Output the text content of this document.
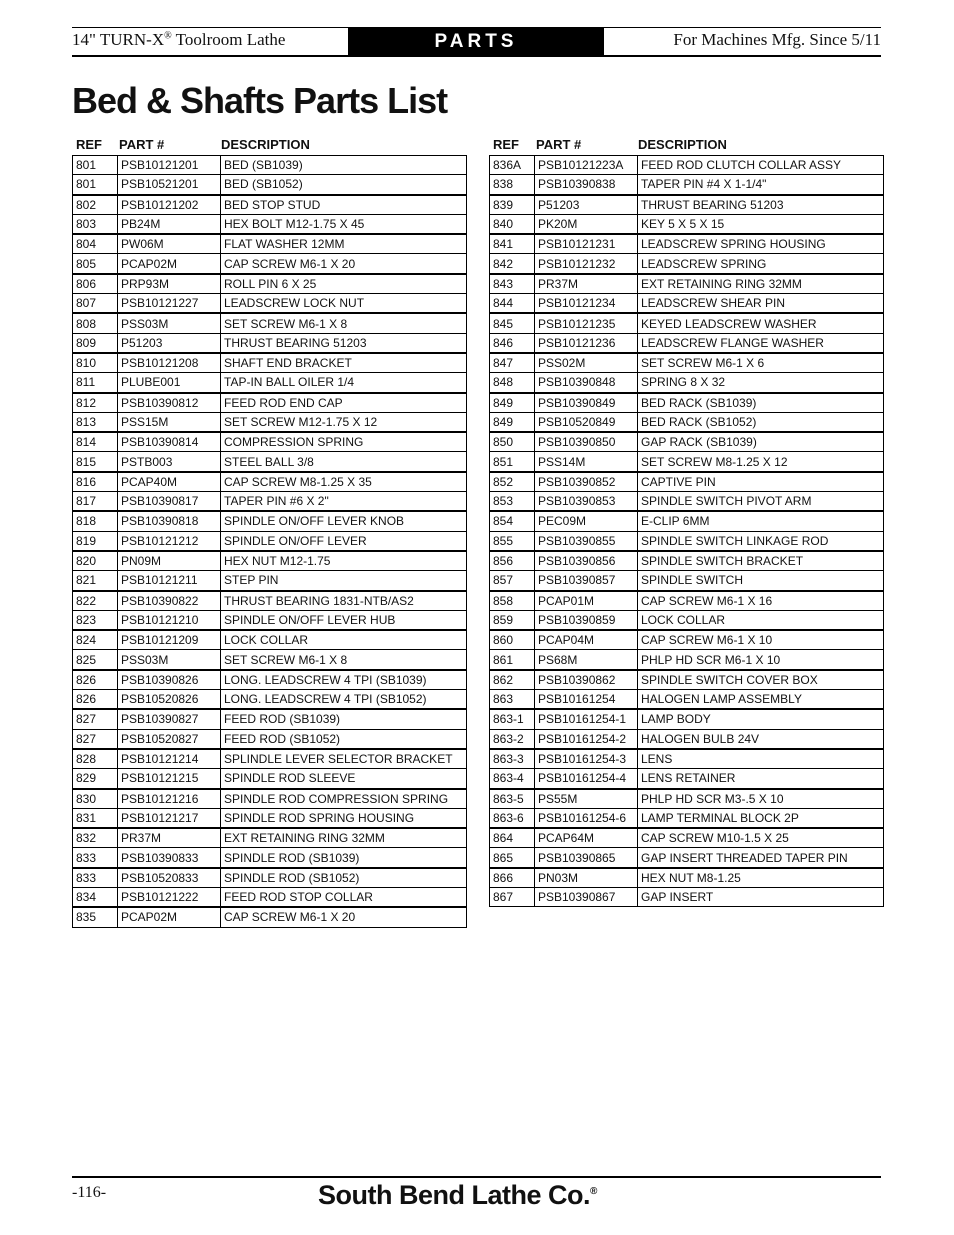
14" TURN-X® Toolroom Lathe	PARTS	For Machines Mfg. Since 5/11
Bed & Shafts Parts List
REF PART #	DESCRIPTION
801	PSB10121201	BED (SB1039)
801	PSB10521201	BED (SB1052)
802	PSB10121202	BED STOP STUD
803	PB24M	HEX BOLT M12-1.75 X 45
804	PW06M	FLAT WASHER 12MM
805	PCAP02M	CAP SCREW M6-1 X 20
806	PRP93M	ROLL PIN 6 X 25
807	PSB10121227	LEADSCREW LOCK NUT
808	PSS03M	SET SCREW M6-1 X 8
809	P51203	THRUST BEARING 51203
810	PSB10121208	SHAFT END BRACKET
811	PLUBE001	TAP-IN BALL OILER 1/4
812	PSB10390812	FEED ROD END CAP
813	PSS15M	SET SCREW M12-1.75 X 12
814	PSB10390814	COMPRESSION SPRING
815	PSTB003	STEEL BALL 3/8
816	PCAP40M	CAP SCREW M8-1.25 X 35
817	PSB10390817	TAPER PIN #6 X 2"
818	PSB10390818	SPINDLE ON/OFF LEVER KNOB
819	PSB10121212	SPINDLE ON/OFF LEVER
820	PN09M	HEX NUT M12-1.75
821	PSB10121211	STEP PIN
822	PSB10390822	THRUST BEARING 1831-NTB/AS2
823	PSB10121210	SPINDLE ON/OFF LEVER HUB
824	PSB10121209	LOCK COLLAR
825	PSS03M	SET SCREW M6-1 X 8
826	PSB10390826	LONG. LEADSCREW 4 TPI (SB1039)
826	PSB10520826	LONG. LEADSCREW 4 TPI (SB1052)
827	PSB10390827	FEED ROD (SB1039)
827	PSB10520827	FEED ROD (SB1052)
828	PSB10121214	SPLINDLE LEVER SELECTOR BRACKET
829	PSB10121215	SPINDLE ROD SLEEVE
830	PSB10121216	SPINDLE ROD COMPRESSION SPRING
831	PSB10121217	SPINDLE ROD SPRING HOUSING
832	PR37M	EXT RETAINING RING 32MM
833	PSB10390833	SPINDLE ROD (SB1039)
833	PSB10520833	SPINDLE ROD (SB1052)
834	PSB10121222	FEED ROD STOP COLLAR
835	PCAP02M	CAP SCREW M6-1 X 20
REF PART #	DESCRIPTION
836A	PSB10121223A	FEED ROD CLUTCH COLLAR ASSY
838	PSB10390838	TAPER PIN #4 X 1-1/4"
839	P51203	THRUST BEARING 51203
840	PK20M	KEY 5 X 5 X 15
841	PSB10121231	LEADSCREW SPRING HOUSING
842	PSB10121232	LEADSCREW SPRING
843	PR37M	EXT RETAINING RING 32MM
844	PSB10121234	LEADSCREW SHEAR PIN
845	PSB10121235	KEYED LEADSCREW WASHER
846	PSB10121236	LEADSCREW FLANGE WASHER
847	PSS02M	SET SCREW M6-1 X 6
848	PSB10390848	SPRING 8 X 32
849	PSB10390849	BED RACK (SB1039)
849	PSB10520849	BED RACK (SB1052)
850	PSB10390850	GAP RACK (SB1039)
851	PSS14M	SET SCREW M8-1.25 X 12
852	PSB10390852	CAPTIVE PIN
853	PSB10390853	SPINDLE SWITCH PIVOT ARM
854	PEC09M	E-CLIP 6MM
855	PSB10390855	SPINDLE SWITCH LINKAGE ROD
856	PSB10390856	SPINDLE SWITCH BRACKET
857	PSB10390857	SPINDLE SWITCH
858	PCAP01M	CAP SCREW M6-1 X 16
859	PSB10390859	LOCK COLLAR
860	PCAP04M	CAP SCREW M6-1 X 10
861	PS68M	PHLP HD SCR M6-1 X 10
862	PSB10390862	SPINDLE SWITCH COVER BOX
863	PSB10161254	HALOGEN LAMP ASSEMBLY
863-1	PSB10161254-1	LAMP BODY
863-2	PSB10161254-2	HALOGEN BULB 24V
863-3	PSB10161254-3	LENS
863-4	PSB10161254-4	LENS RETAINER
863-5	PS55M	PHLP HD SCR M3-.5 X 10
863-6	PSB10161254-6	LAMP TERMINAL BLOCK 2P
864	PCAP64M	CAP SCREW M10-1.5 X 25
865	PSB10390865	GAP INSERT THREADED TAPER PIN
866	PN03M	HEX NUT M8-1.25
867	PSB10390867	GAP INSERT
-116-	South Bend Lathe Co.®
